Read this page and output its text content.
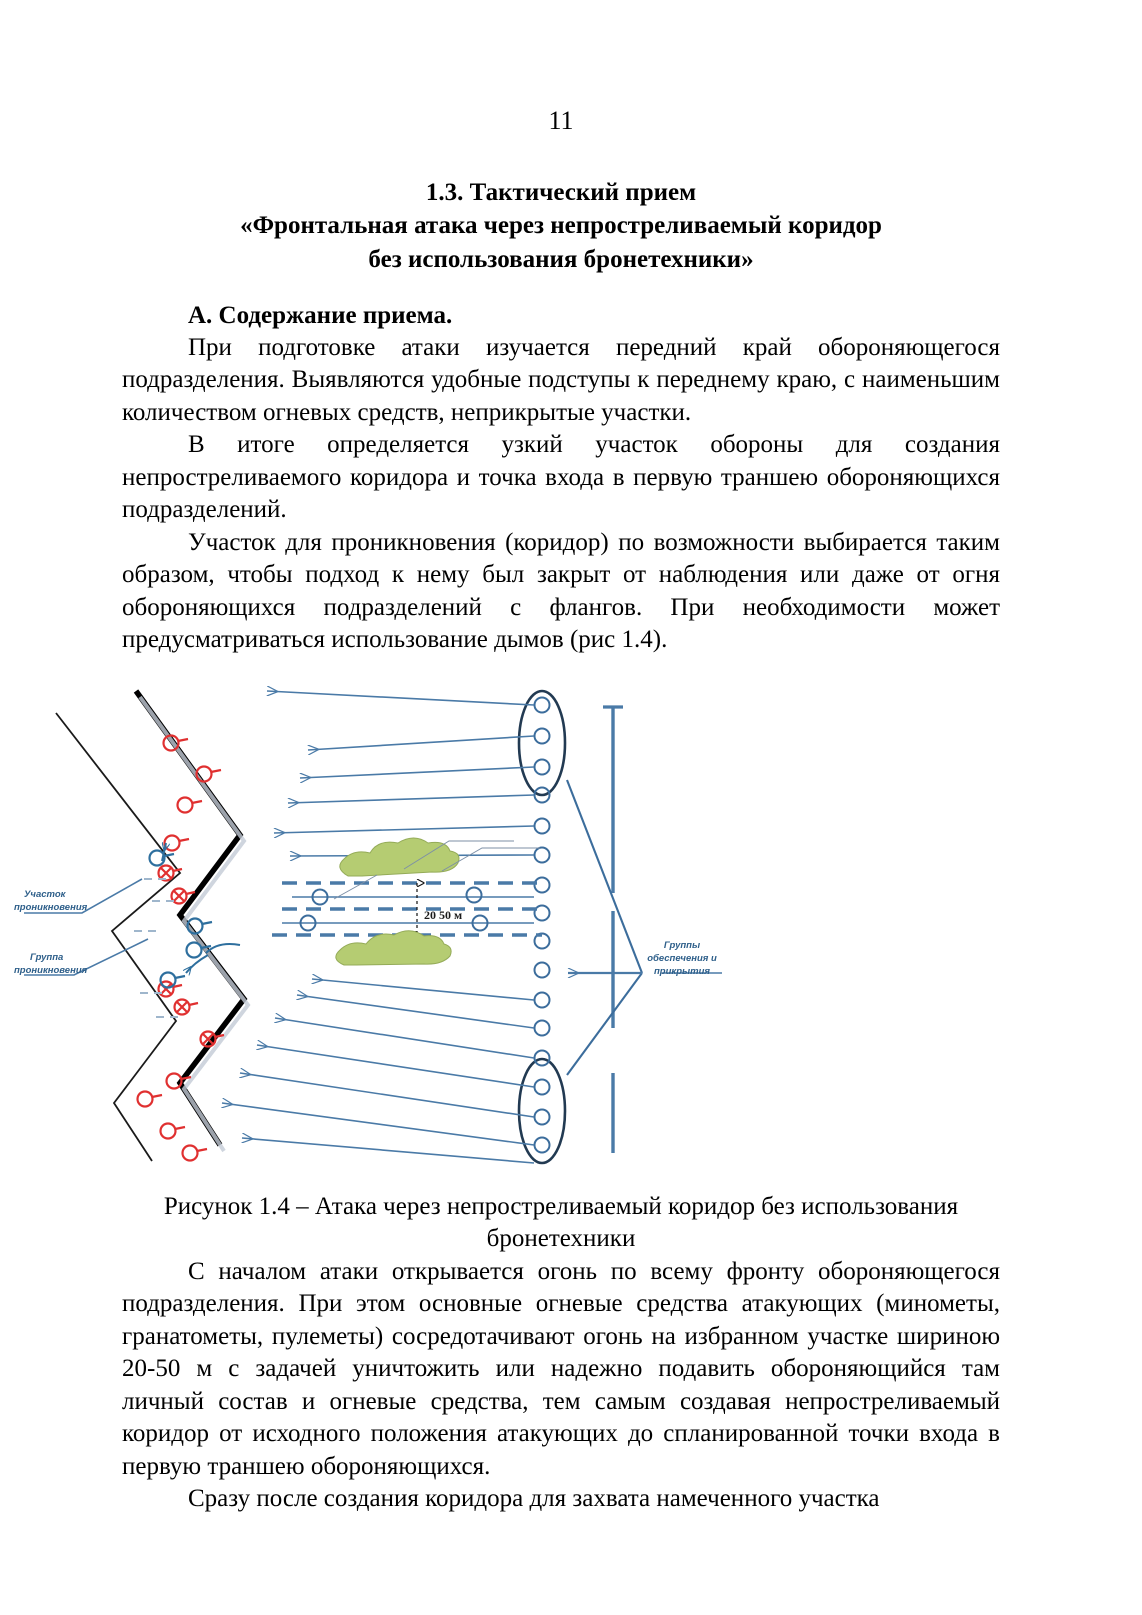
11
1.3. Тактический прием
«Фронтальная атака через непростреливаемый коридор
без использования бронетехники»
А. Содержание приема.

При подготовке атаки изучается передний край обороняющегося подразделения. Выявляются удобные подступы к переднему краю, с наименьшим количеством огневых средств, неприкрытые участки.

В итоге определяется узкий участок обороны для создания непростреливаемого коридора и точка входа в первую траншею обороняющихся подразделений.

Участок для проникновения (коридор) по возможности выбирается таким образом, чтобы подход к нему был закрыт от наблюдения или даже от огня обороняющихся подразделений с флангов. При необходимости может предусматриваться использование дымов (рис 1.4).

20 50 м
Участок
проникновения
Группа
проникновения
Группы
обеспечения и
прикрытия
Рисунок 1.4 – Атака через непростреливаемый коридор без использования
бронетехники

С началом атаки открывается огонь по всему фронту обороняющегося подразделения. При этом основные огневые средства атакующих (минометы, гранатометы, пулеметы) сосредотачивают огонь на избранном участке шириною 20-50 м с задачей уничтожить или надежно подавить обороняющийся там личный состав и огневые средства, тем самым создавая непростреливаемый коридор от исходного положения атакующих до спланированной точки входа в первую траншею обороняющихся.

Сразу после создания коридора для захвата намеченного участка
